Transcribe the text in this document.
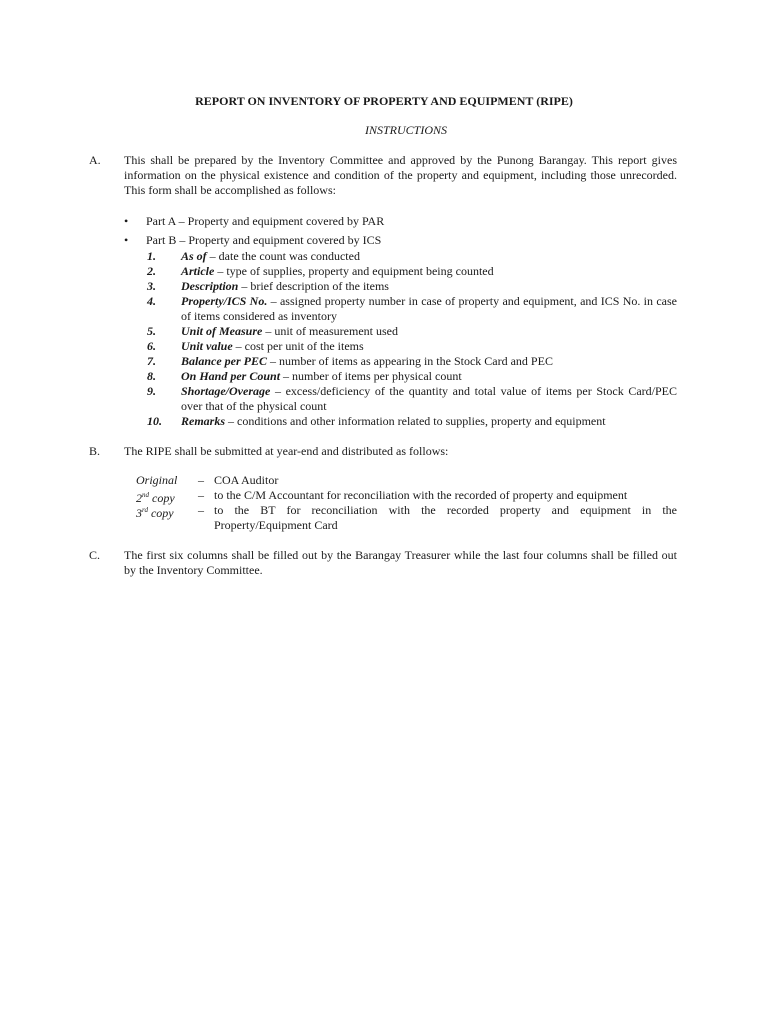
REPORT ON INVENTORY OF PROPERTY AND EQUIPMENT (RIPE)
INSTRUCTIONS
A. This shall be prepared by the Inventory Committee and approved by the Punong Barangay. This report gives information on the physical existence and condition of the property and equipment, including those unrecorded. This form shall be accomplished as follows:
• Part A – Property and equipment covered by PAR
• Part B – Property and equipment covered by ICS
1. As of – date the count was conducted
2. Article – type of supplies, property and equipment being counted
3. Description – brief description of the items
4. Property/ICS No. – assigned property number in case of property and equipment, and ICS No. in case of items considered as inventory
5. Unit of Measure – unit of measurement used
6. Unit value – cost per unit of the items
7. Balance per PEC – number of items as appearing in the Stock Card and PEC
8. On Hand per Count – number of items per physical count
9. Shortage/Overage – excess/deficiency of the quantity and total value of items per Stock Card/PEC over that of the physical count
10. Remarks – conditions and other information related to supplies, property and equipment
B. The RIPE shall be submitted at year-end and distributed as follows:
Original – COA Auditor
2nd copy – to the C/M Accountant for reconciliation with the recorded of property and equipment
3rd copy – to the BT for reconciliation with the recorded property and equipment in the Property/Equipment Card
C. The first six columns shall be filled out by the Barangay Treasurer while the last four columns shall be filled out by the Inventory Committee.
